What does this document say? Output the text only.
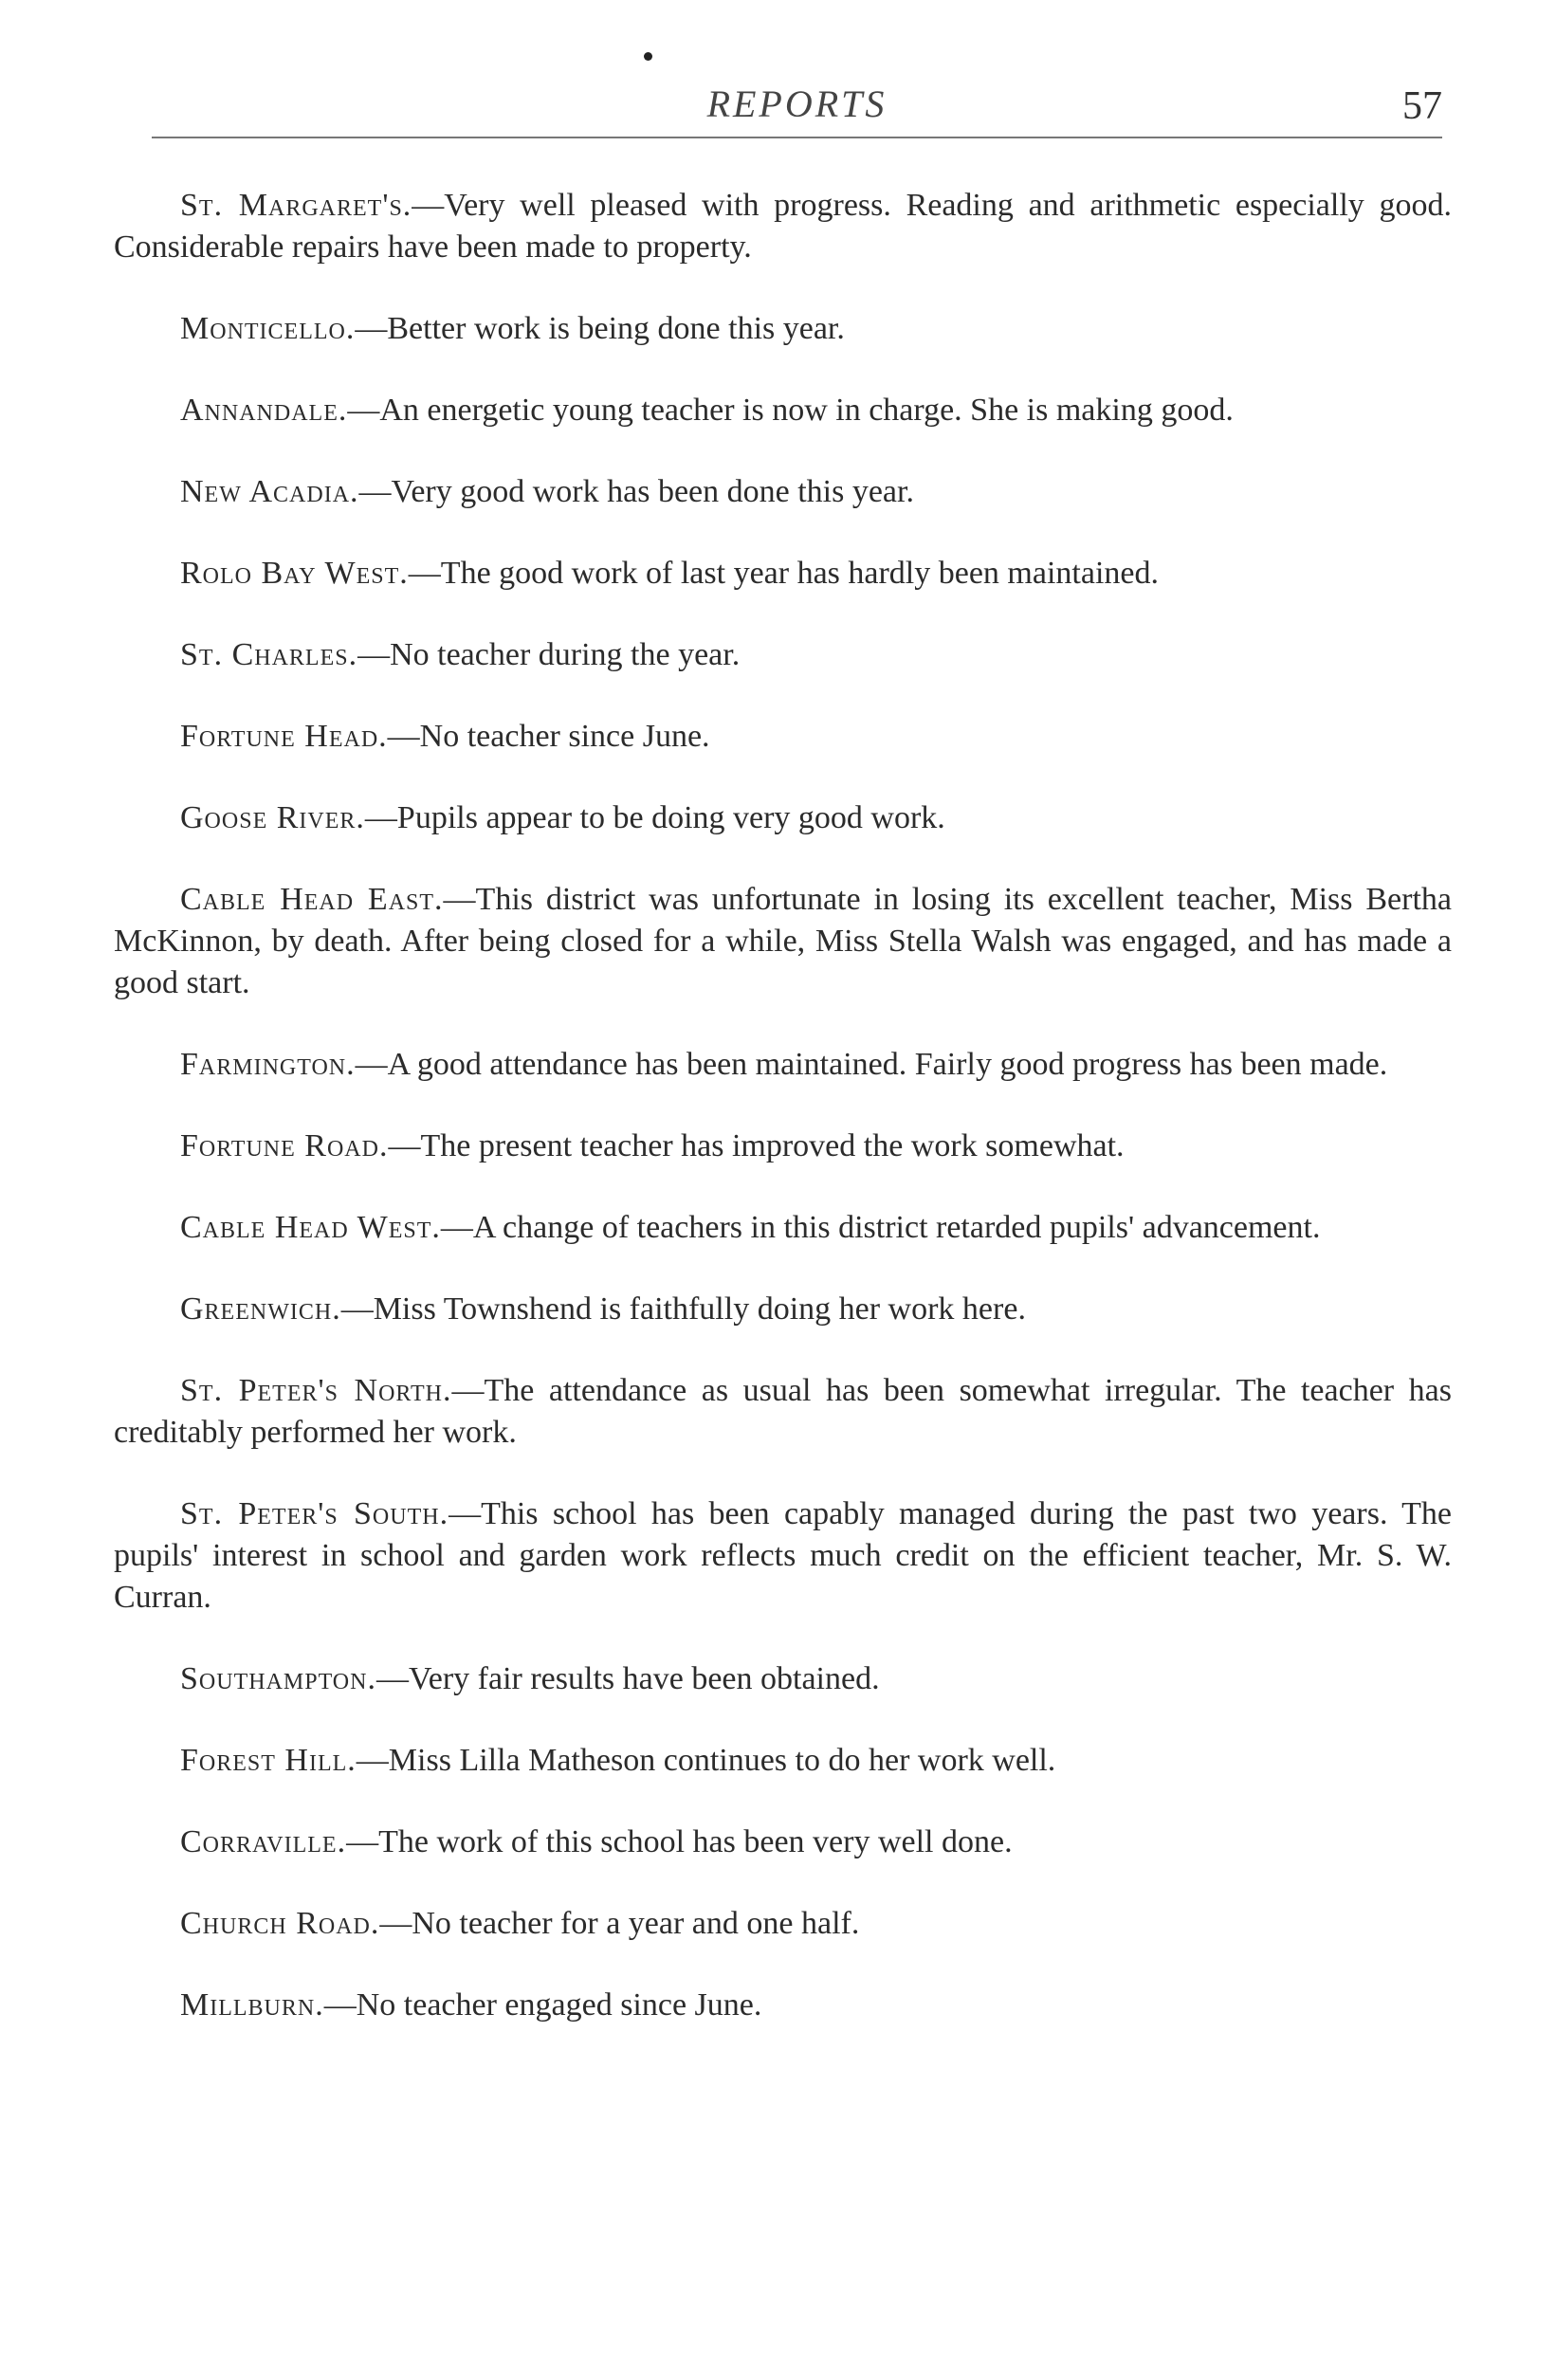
REPORTS	57

St. Margaret's.—Very well pleased with progress. Reading and arithmetic especially good. Considerable repairs have been made to property.

Monticello.—Better work is being done this year.

Annandale.—An energetic young teacher is now in charge. She is making good.

New Acadia.—Very good work has been done this year.

Rolo Bay West.—The good work of last year has hardly been maintained.

St. Charles.—No teacher during the year.

Fortune Head.—No teacher since June.

Goose River.—Pupils appear to be doing very good work.

Cable Head East.—This district was unfortunate in losing its excellent teacher, Miss Bertha McKinnon, by death. After being closed for a while, Miss Stella Walsh was engaged, and has made a good start.

Farmington.—A good attendance has been maintained. Fairly good progress has been made.

Fortune Road.—The present teacher has improved the work somewhat.

Cable Head West.—A change of teachers in this district retarded pupils' advancement.

Greenwich.—Miss Townshend is faithfully doing her work here.

St. Peter's North.—The attendance as usual has been somewhat irregular. The teacher has creditably performed her work.

St. Peter's South.—This school has been capably managed during the past two years. The pupils' interest in school and garden work reflects much credit on the efficient teacher, Mr. S. W. Curran.

Southampton.—Very fair results have been obtained.

Forest Hill.—Miss Lilla Matheson continues to do her work well.

Corraville.—The work of this school has been very well done.

Church Road.—No teacher for a year and one half.

Millburn.—No teacher engaged since June.
